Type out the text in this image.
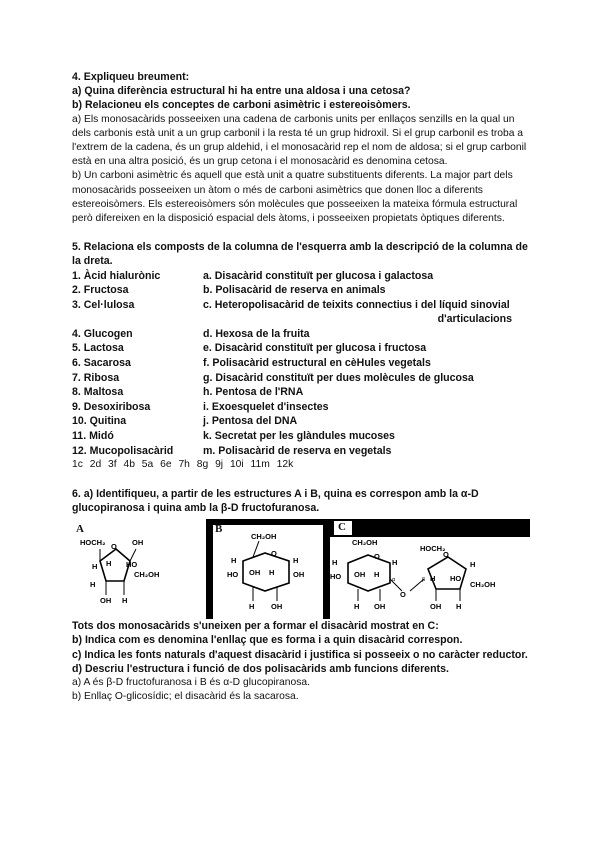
4. Expliqueu breument:

a) Quina diferència estructural hi ha entre una aldosa i una cetosa?

b) Relacioneu els conceptes de carboni asimètric i estereoisòmers.

a) Els monosacàrids posseeixen una cadena de carbonis units per enllaços senzills en la qual un dels carbonis està unit a un grup carbonil i la resta té un grup hidroxil. Si el grup carbonil es troba a l'extrem de la cadena, és un grup aldehid, i el monosacàrid rep el nom de aldosa; si el grup carbonil està en una altra posició, és un grup cetona i el monosacàrid es denomina cetosa.

b) Un carboni asimètric és aquell que està unit a quatre substituents diferents. La major part dels monosacàrids posseeixen un àtom o més de carboni asimètrics que donen lloc a diferents estereoisòmers. Els estereoisòmers són molècules que posseeixen la mateixa fórmula estructural però difereixen en la disposició espacial dels àtoms, i posseeixen propietats òptiques diferents.

5. Relaciona els composts de la columna de l'esquerra amb la descripció de la columna de la dreta.

1. Àcid hialurònic	a. Disacàrid constituït per glucosa i galactosa
2. Fructosa	b. Polisacàrid de reserva en animals
3. Cel·lulosa	c. Heteropolisacàrid de teixits connectius i del líquid sinovial
d'articulacions
4. Glucogen	d. Hexosa de la fruita
5. Lactosa	e. Disacàrid constituït per glucosa i fructosa
6. Sacarosa	f. Polisacàrid estructural en cèHules vegetals
7. Ribosa	g. Disacàrid constituït per dues molècules de glucosa
8. Maltosa	h. Pentosa de l'RNA
9. Desoxiribosa	i. Exoesquelet d'insectes
10. Quitina	j. Pentosa del DNA
11. Midó	k. Secretat per les glàndules mucoses
12. Mucopolisacàrid	m. Polisacàrid de reserva en vegetals

1c 2d 3f 4b 5a 6e 7h 8g 9j 10i 11m 12k

6. a) Identifiqueu, a partir de les estructures A i B, quina es correspon amb la α-D glucopiranosa i quina amb la β-D fructofuranosa.

A
O
HOCH₂	OH
H H HO
CH₂OH
H
OH H
B
CH₂OH
O
H	H
OH
HO OH H
H OH
C
CH₂OH
O
H	H
HO OH H
α
H OH
O
O
HOCH₂
β
H
H HO
CH₂OH
OH H

Tots dos monosacàrids s'uneixen per a formar el disacàrid mostrat en C:

b) Indica com es denomina l'enllaç que es forma i a quin disacàrid correspon.

c) Indica les fonts naturals d'aquest disacàrid i justifica si posseeix o no caràcter reductor.

d) Descriu l'estructura i funció de dos polisacàrids amb funcions diferents.

a) A és β-D fructofuranosa i B és α-D glucopiranosa.

b) Enllaç O-glicosídic; el disacàrid és la sacarosa.
